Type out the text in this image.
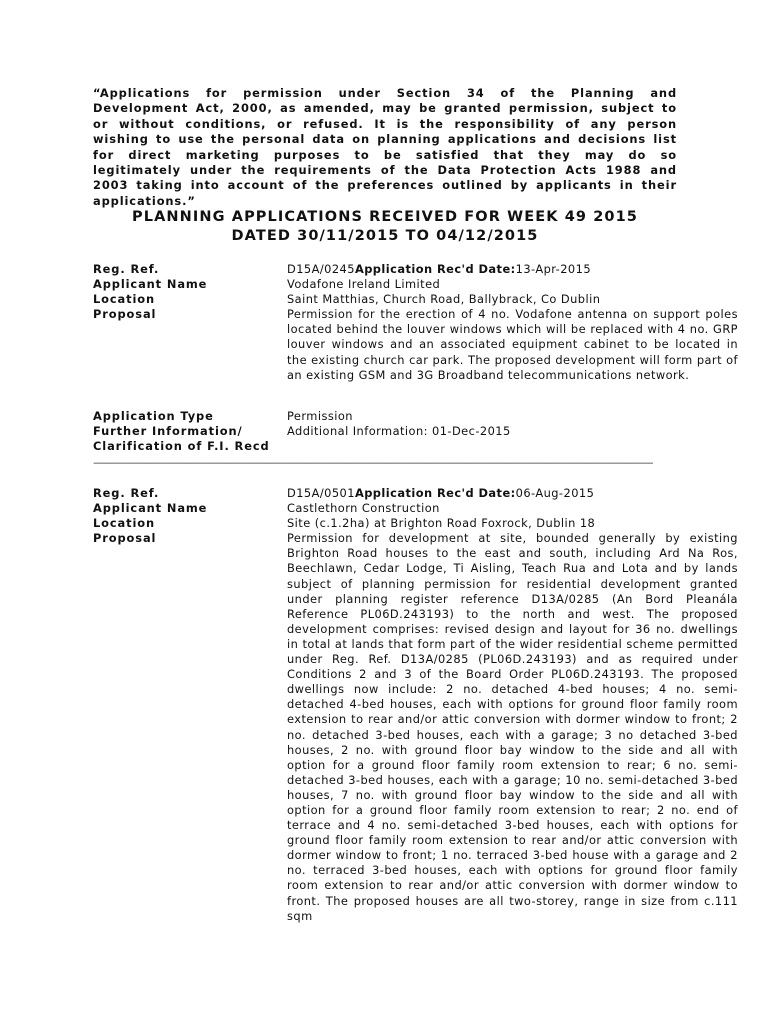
“Applications for permission under Section 34 of the Planning and Development Act, 2000, as amended, may be granted permission, subject to or without conditions, or refused. It is the responsibility of any person wishing to use the personal data on planning applications and decisions list for direct marketing purposes to be satisfied that they may do so legitimately under the requirements of the Data Protection Acts 1988 and 2003 taking into account of the preferences outlined by applicants in their applications.”
PLANNING APPLICATIONS RECEIVED FOR WEEK 49 2015
DATED 30/11/2015 TO 04/12/2015
Reg. Ref.	D15A/0245Application Rec'd Date:13-Apr-2015
Applicant Name	Vodafone Ireland Limited
Location	Saint Matthias, Church Road, Ballybrack, Co Dublin
Proposal	Permission for the erection of 4 no. Vodafone antenna on support poles located behind the louver windows which will be replaced with 4 no. GRP louver windows and an associated equipment cabinet to be located in the existing church car park. The proposed development will form part of an existing GSM and 3G Broadband telecommunications network.
Application Type	Permission
Further Information/	Additional Information: 01-Dec-2015
Clarification of F.I. Recd
————————————————————————————————————————————————————————
Reg. Ref.	D15A/0501Application Rec'd Date:06-Aug-2015
Applicant Name	Castlethorn Construction
Location	Site (c.1.2ha) at Brighton Road Foxrock, Dublin 18
Proposal	Permission for development at site, bounded generally by existing Brighton Road houses to the east and south, including Ard Na Ros, Beechlawn, Cedar Lodge, Ti Aisling, Teach Rua and Lota and by lands subject of planning permission for residential development granted under planning register reference D13A/0285 (An Bord Pleanála Reference PL06D.243193) to the north and west. The proposed development comprises: revised design and layout for 36 no. dwellings in total at lands that form part of the wider residential scheme permitted under Reg. Ref. D13A/0285 (PL06D.243193) and as required under Conditions 2 and 3 of the Board Order PL06D.243193. The proposed dwellings now include: 2 no. detached 4-bed houses; 4 no. semi-detached 4-bed houses, each with options for ground floor family room extension to rear and/or attic conversion with dormer window to front; 2 no. detached 3-bed houses, each with a garage; 3 no detached 3-bed houses, 2 no. with ground floor bay window to the side and all with option for a ground floor family room extension to rear; 6 no. semi-detached 3-bed houses, each with a garage; 10 no. semi-detached 3-bed houses, 7 no. with ground floor bay window to the side and all with option for a ground floor family room extension to rear; 2 no. end of terrace and 4 no. semi-detached 3-bed houses, each with options for ground floor family room extension to rear and/or attic conversion with dormer window to front; 1 no. terraced 3-bed house with a garage and 2 no. terraced 3-bed houses, each with options for ground floor family room extension to rear and/or attic conversion with dormer window to front. The proposed houses are all two-storey, range in size from c.111 sqm
